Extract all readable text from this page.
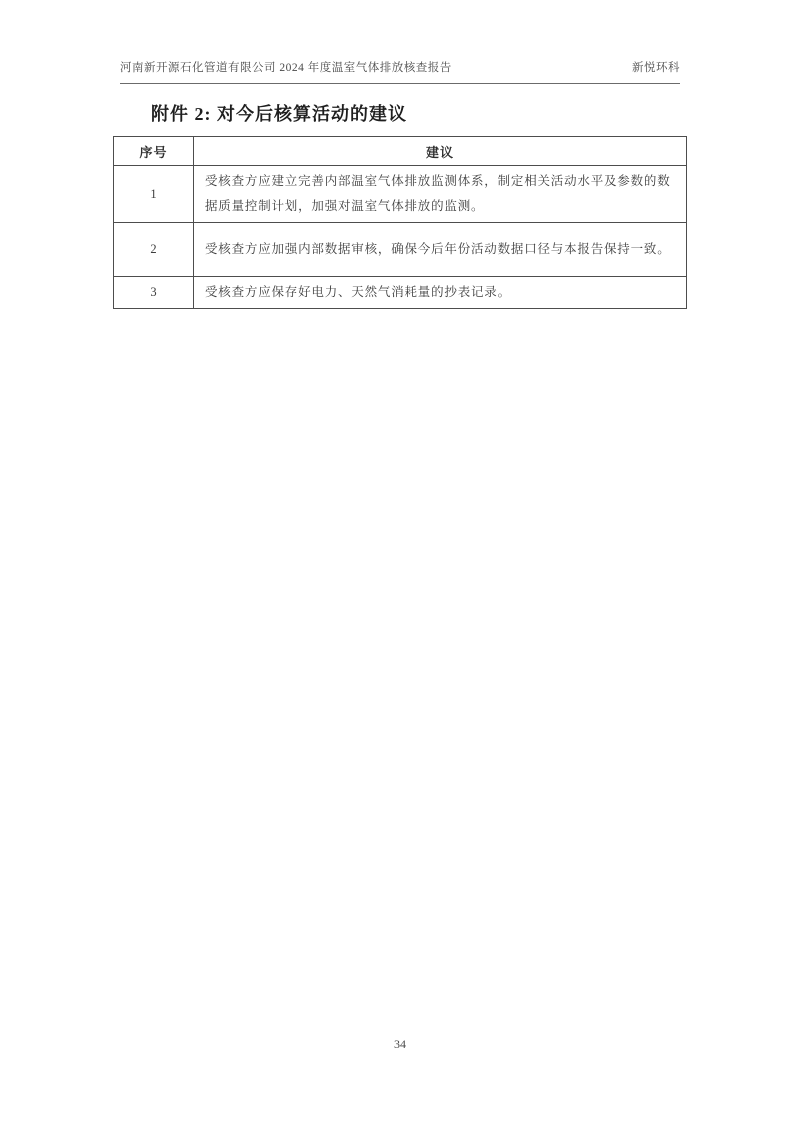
河南新开源石化管道有限公司 2024 年度温室气体排放核查报告	新悦环科
附件 2: 对今后核算活动的建议
序号	建议
1	受核查方应建立完善内部温室气体排放监测体系，制定相关活动水平及参数的数据质量控制计划，加强对温室气体排放的监测。
2	受核查方应加强内部数据审核，确保今后年份活动数据口径与本报告保持一致。
3	受核查方应保存好电力、天然气消耗量的抄表记录。
34
